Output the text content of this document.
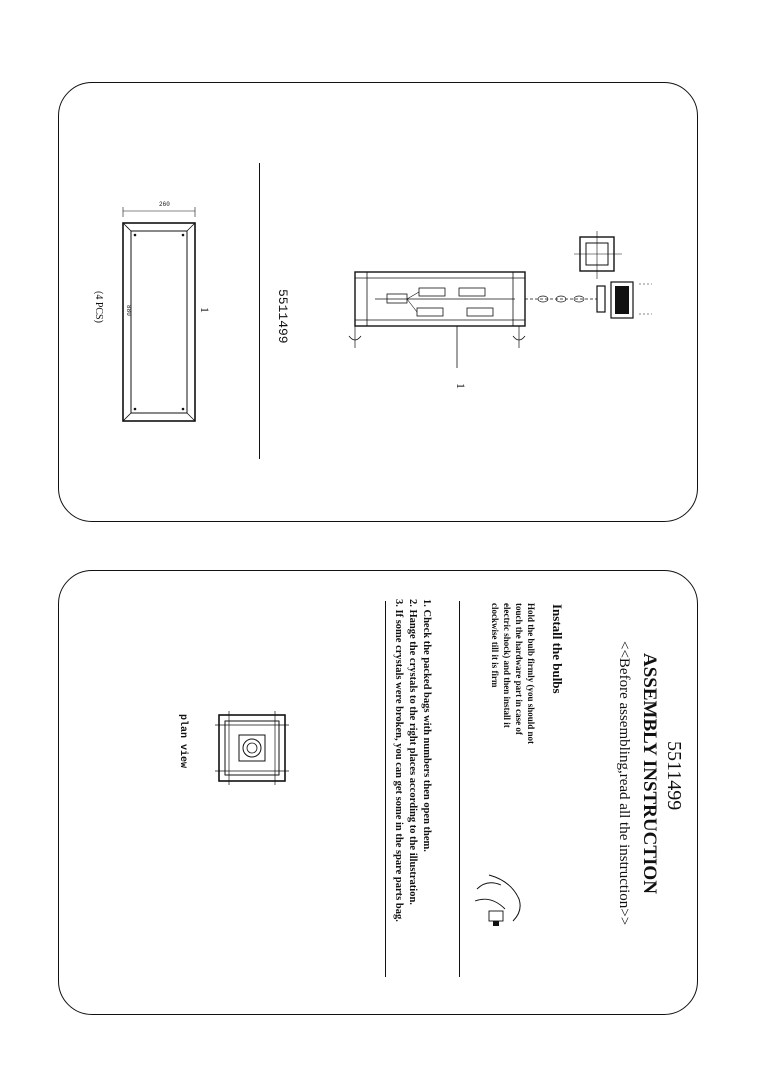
260
880
(4 PCS)	1	5511499
1
5511499
ASSEMBLY INSTRUCTION
<<Before assembling,read all the instruction>>
Install the bulbs
Hold the bulb firmly (you should not
touch the hardware part in case of
electric shock) and then install it
clockwise till it is firm
1. Check the packed bags with numbers then open them.
2. Hange the crystals to the right places according to the illustration.
3. If some crystals were broken, you can get some in the spare parts bag.
plan view
